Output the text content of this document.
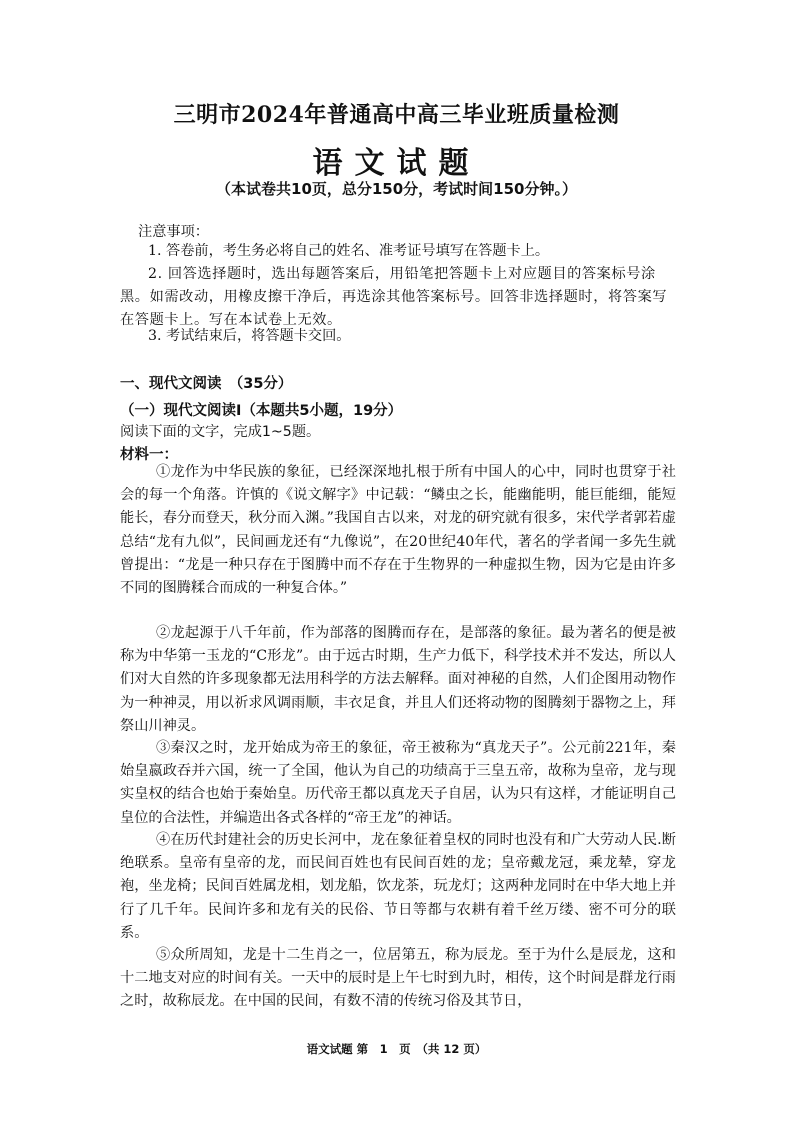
三明市2024年普通高中高三毕业班质量检测
语文试题
（本试卷共10页，总分150分，考试时间150分钟。）
注意事项：
1. 答卷前，考生务必将自己的姓名、准考证号填写在答题卡上。
2. 回答选择题时，选出每题答案后，用铅笔把答题卡上对应题目的答案标号涂黑。如需改动，用橡皮擦干净后，再选涂其他答案标号。回答非选择题时，将答案写在答题卡上。写在本试卷上无效。
3. 考试结束后，将答题卡交回。
一、现代文阅读　（35分）
（一）现代文阅读Ⅰ（本题共5小题，19分）
阅读下面的文字，完成1~5题。
材料一：
①龙作为中华民族的象征，已经深深地扎根于所有中国人的心中，同时也贯穿于社会的每一个角落。许慎的《说文解字》中记载：“鳞虫之长，能幽能明，能巨能细，能短能长，春分而登天，秋分而入渊。”我国自古以来，对龙的研究就有很多，宋代学者郭若虚总结“龙有九似”，民间画龙还有“九像说”，在20世纪40年代，著名的学者闻一多先生就曾提出：“龙是一种只存在于图腾中而不存在于生物界的一种虚拟生物，因为它是由许多不同的图腾糅合而成的一种复合体。”
②龙起源于八千年前，作为部落的图腾而存在，是部落的象征。最为著名的便是被称为中华第一玉龙的“C形龙”。由于远古时期，生产力低下，科学技术并不发达，所以人们对大自然的许多现象都无法用科学的方法去解释。面对神秘的自然，人们企图用动物作为一种神灵，用以祈求风调雨顺，丰衣足食，并且人们还将动物的图腾刻于器物之上，拜祭山川神灵。
③秦汉之时，龙开始成为帝王的象征，帝王被称为“真龙天子”。公元前221年，秦始皇嬴政吞并六国，统一了全国，他认为自己的功绩高于三皇五帝，故称为皇帝，龙与现实皇权的结合也始于秦始皇。历代帝王都以真龙天子自居，认为只有这样，才能证明自己皇位的合法性，并编造出各式各样的“帝王龙”的神话。
④在历代封建社会的历史长河中，龙在象征着皇权的同时也没有和广大劳动人民.断绝联系。皇帝有皇帝的龙，而民间百姓也有民间百姓的龙；皇帝戴龙冠，乘龙辇，穿龙袍，坐龙椅；民间百姓属龙相，划龙船，饮龙茶，玩龙灯；这两种龙同时在中华大地上并行了几千年。民间许多和龙有关的民俗、节日等都与农耕有着千丝万缕、密不可分的联系。
⑤众所周知，龙是十二生肖之一，位居第五，称为辰龙。至于为什么是辰龙，这和十二地支对应的时间有关。一天中的辰时是上午七时到九时，相传，这个时间是群龙行雨之时，故称辰龙。在中国的民间，有数不清的传统习俗及其节日，
语文试题 第　1　页　（共 12 页）
